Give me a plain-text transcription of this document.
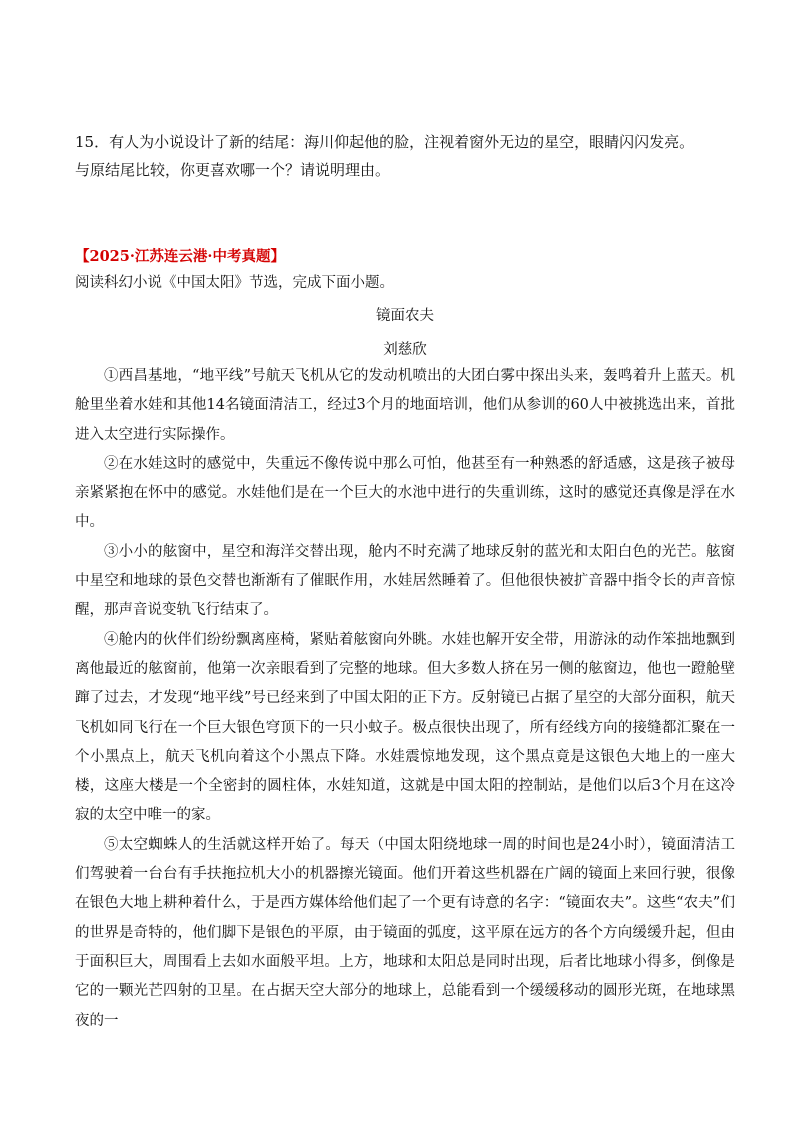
15．有人为小说设计了新的结尾：海川仰起他的脸，注视着窗外无边的星空，眼睛闪闪发亮。
与原结尾比较，你更喜欢哪一个？请说明理由。
【2025·江苏连云港·中考真题】
阅读科幻小说《中国太阳》节选，完成下面小题。
镜面农夫
刘慈欣

①西昌基地，“地平线”号航天飞机从它的发动机喷出的大团白雾中探出头来，轰鸣着升上蓝天。机舱里坐着水娃和其他14名镜面清洁工，经过3个月的地面培训，他们从参训的60人中被挑选出来，首批进入太空进行实际操作。

②在水娃这时的感觉中，失重远不像传说中那么可怕，他甚至有一种熟悉的舒适感，这是孩子被母亲紧紧抱在怀中的感觉。水娃他们是在一个巨大的水池中进行的失重训练，这时的感觉还真像是浮在水中。

③小小的舷窗中，星空和海洋交替出现，舱内不时充满了地球反射的蓝光和太阳白色的光芒。舷窗中星空和地球的景色交替也渐渐有了催眠作用，水娃居然睡着了。但他很快被扩音器中指令长的声音惊醒，那声音说变轨飞行结束了。

④舱内的伙伴们纷纷飘离座椅，紧贴着舷窗向外眺。水娃也解开安全带，用游泳的动作笨拙地飘到离他最近的舷窗前，他第一次亲眼看到了完整的地球。但大多数人挤在另一侧的舷窗边，他也一蹬舱壁蹿了过去，才发现“地平线”号已经来到了中国太阳的正下方。反射镜已占据了星空的大部分面积，航天飞机如同飞行在一个巨大银色穹顶下的一只小蚊子。极点很快出现了，所有经线方向的接缝都汇聚在一个小黑点上，航天飞机向着这个小黑点下降。水娃震惊地发现，这个黑点竟是这银色大地上的一座大楼，这座大楼是一个全密封的圆柱体，水娃知道，这就是中国太阳的控制站，是他们以后3个月在这冷寂的太空中唯一的家。

⑤太空蜘蛛人的生活就这样开始了。每天（中国太阳绕地球一周的时间也是24小时），镜面清洁工们驾驶着一台台有手扶拖拉机大小的机器擦光镜面。他们开着这些机器在广阔的镜面上来回行驶，很像在银色大地上耕种着什么，于是西方媒体给他们起了一个更有诗意的名字：“镜面农夫”。这些“农夫”们的世界是奇特的，他们脚下是银色的平原，由于镜面的弧度，这平原在远方的各个方向缓缓升起，但由于面积巨大，周围看上去如水面般平坦。上方，地球和太阳总是同时出现，后者比地球小得多，倒像是它的一颗光芒四射的卫星。在占据天空大部分的地球上，总能看到一个缓缓移动的圆形光斑，在地球黑夜的一
